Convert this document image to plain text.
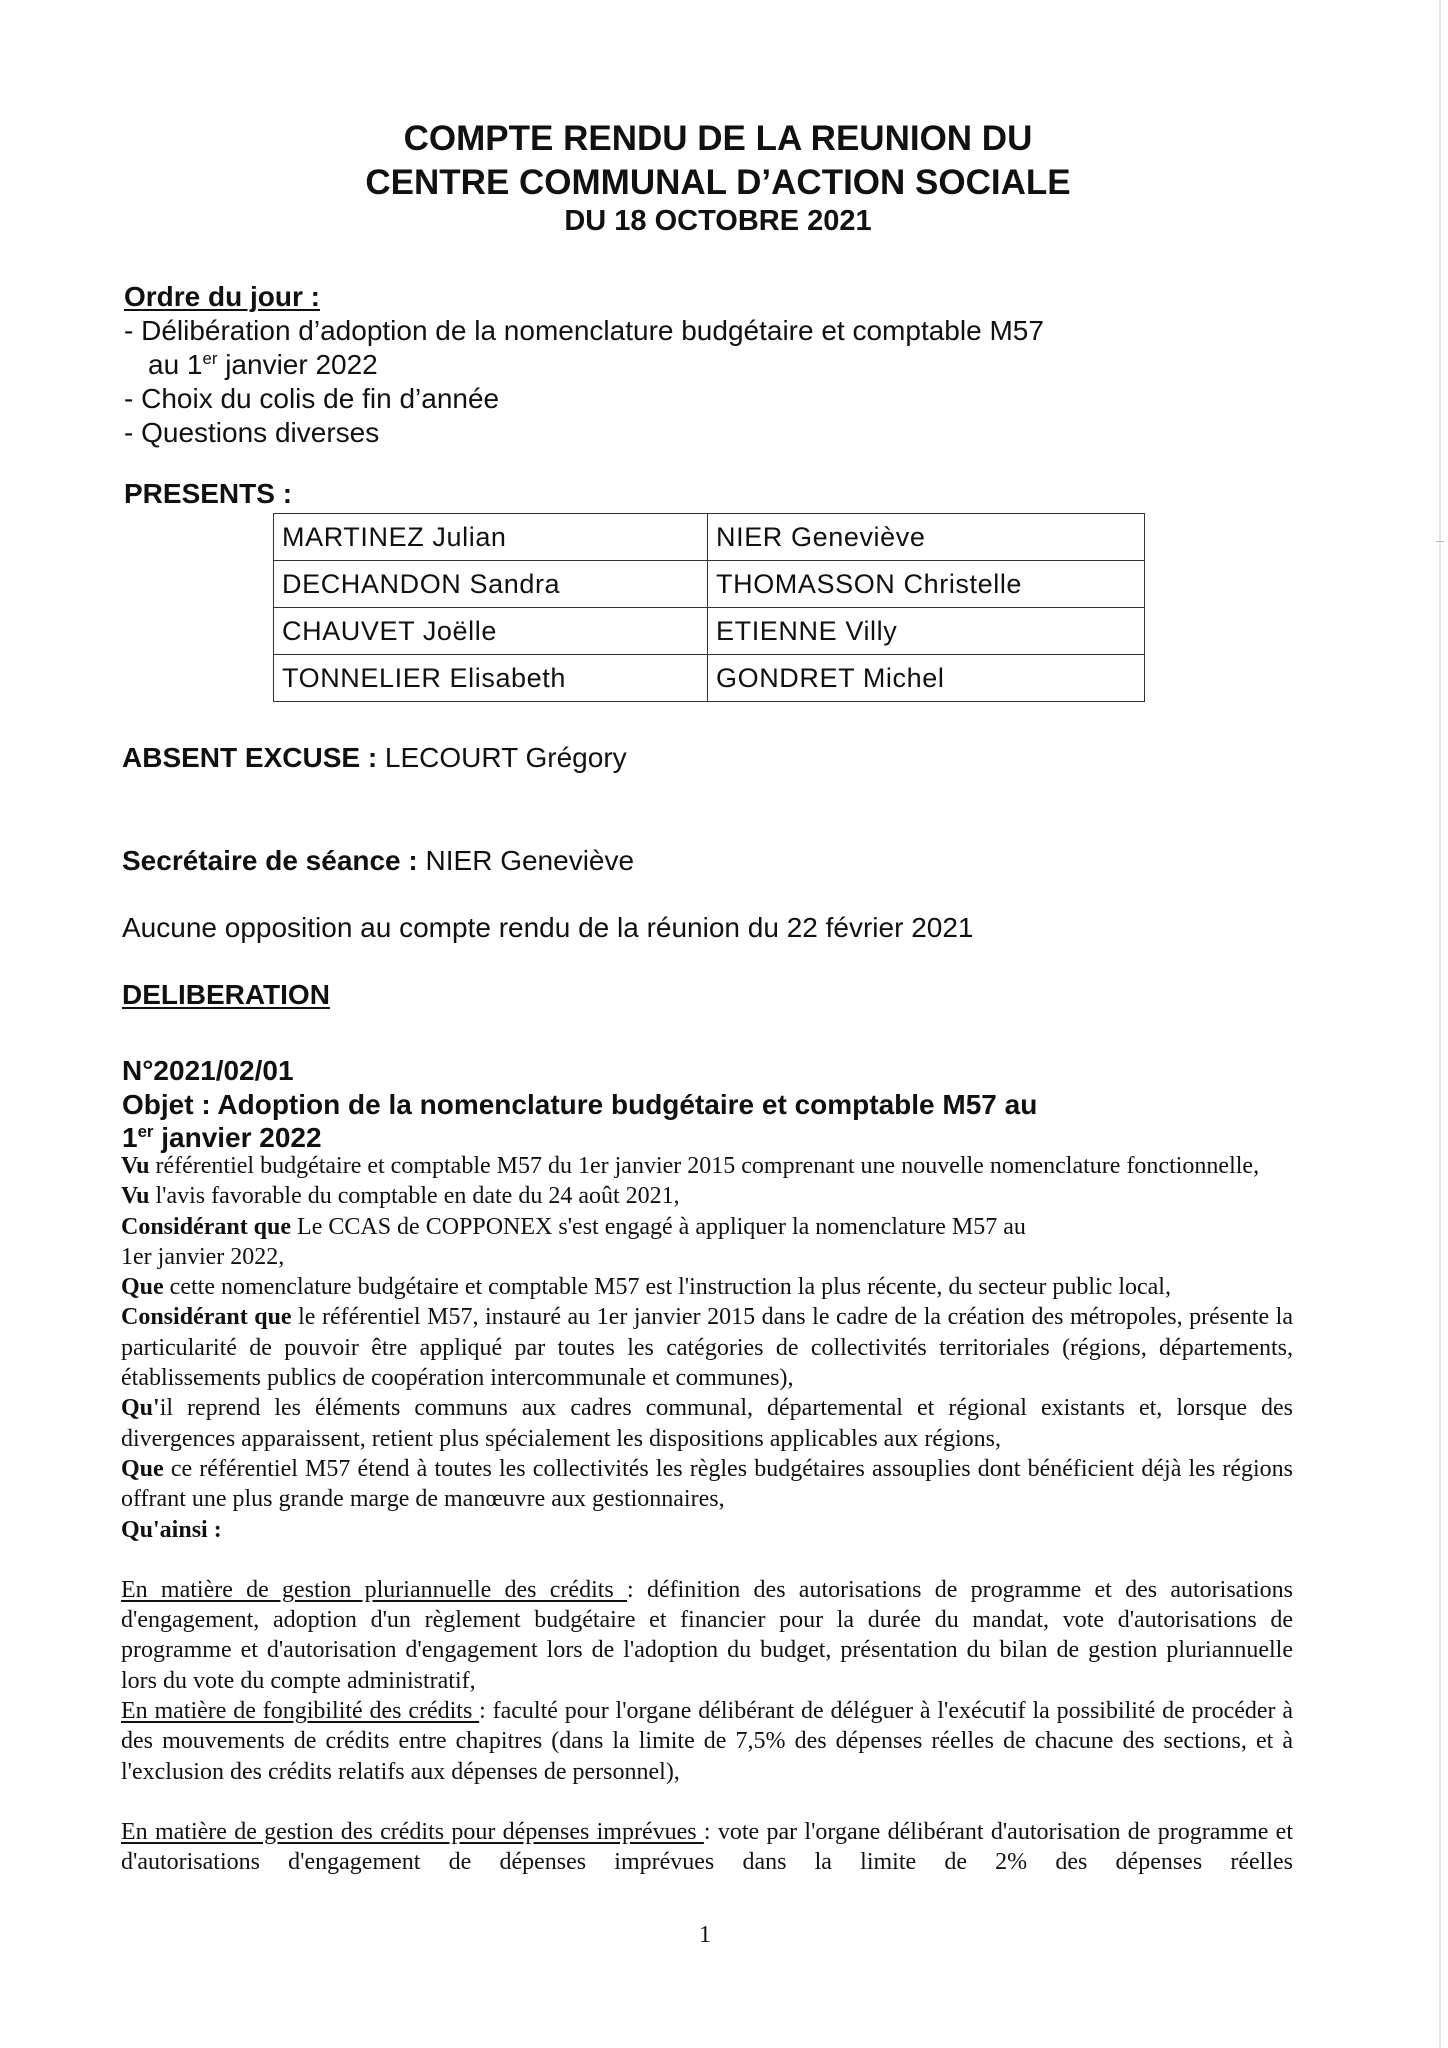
COMPTE RENDU DE LA REUNION DU
CENTRE COMMUNAL D’ACTION SOCIALE
DU 18 OCTOBRE 2021
Ordre du jour :
- Délibération d’adoption de la nomenclature budgétaire et comptable M57
au 1er janvier 2022
- Choix du colis de fin d’année
- Questions diverses
PRESENTS :
MARTINEZ Julian	NIER Geneviève
DECHANDON Sandra	THOMASSON Christelle
CHAUVET Joëlle	ETIENNE Villy
TONNELIER Elisabeth	GONDRET Michel
ABSENT EXCUSE : LECOURT Grégory
Secrétaire de séance : NIER Geneviève
Aucune opposition au compte rendu de la réunion du 22 février 2021
DELIBERATION
N°2021/02/01
Objet : Adoption de la nomenclature budgétaire et comptable M57 au
1er janvier 2022

Vu référentiel budgétaire et comptable M57 du 1er janvier 2015 comprenant une nouvelle nomenclature fonctionnelle,

Vu l'avis favorable du comptable en date du 24 août 2021,

Considérant que Le CCAS de COPPONEX s'est engagé à appliquer la nomenclature M57 au
1er janvier 2022,

Que cette nomenclature budgétaire et comptable M57 est l'instruction la plus récente, du secteur public local,

Considérant que le référentiel M57, instauré au 1er janvier 2015 dans le cadre de la création des métropoles, présente la particularité de pouvoir être appliqué par toutes les catégories de collectivités territoriales (régions, départements, établissements publics de coopération intercommunale et communes),

Qu'il reprend les éléments communs aux cadres communal, départemental et régional existants et, lorsque des divergences apparaissent, retient plus spécialement les dispositions applicables aux régions,

Que ce référentiel M57 étend à toutes les collectivités les règles budgétaires assouplies dont bénéficient déjà les régions offrant une plus grande marge de manœuvre aux gestionnaires,

Qu'ainsi :

En matière de gestion pluriannuelle des crédits : définition des autorisations de programme et des autorisations d'engagement, adoption d'un règlement budgétaire et financier pour la durée du mandat, vote d'autorisations de programme et d'autorisation d'engagement lors de l'adoption du budget, présentation du bilan de gestion pluriannuelle lors du vote du compte administratif,

En matière de fongibilité des crédits : faculté pour l'organe délibérant de déléguer à l'exécutif la possibilité de procéder à des mouvements de crédits entre chapitres (dans la limite de 7,5% des dépenses réelles de chacune des sections, et à l'exclusion des crédits relatifs aux dépenses de personnel),

En matière de gestion des crédits pour dépenses imprévues : vote par l'organe délibérant d'autorisation de programme et d'autorisations d'engagement de dépenses imprévues dans la limite de 2% des dépenses réelles

1
